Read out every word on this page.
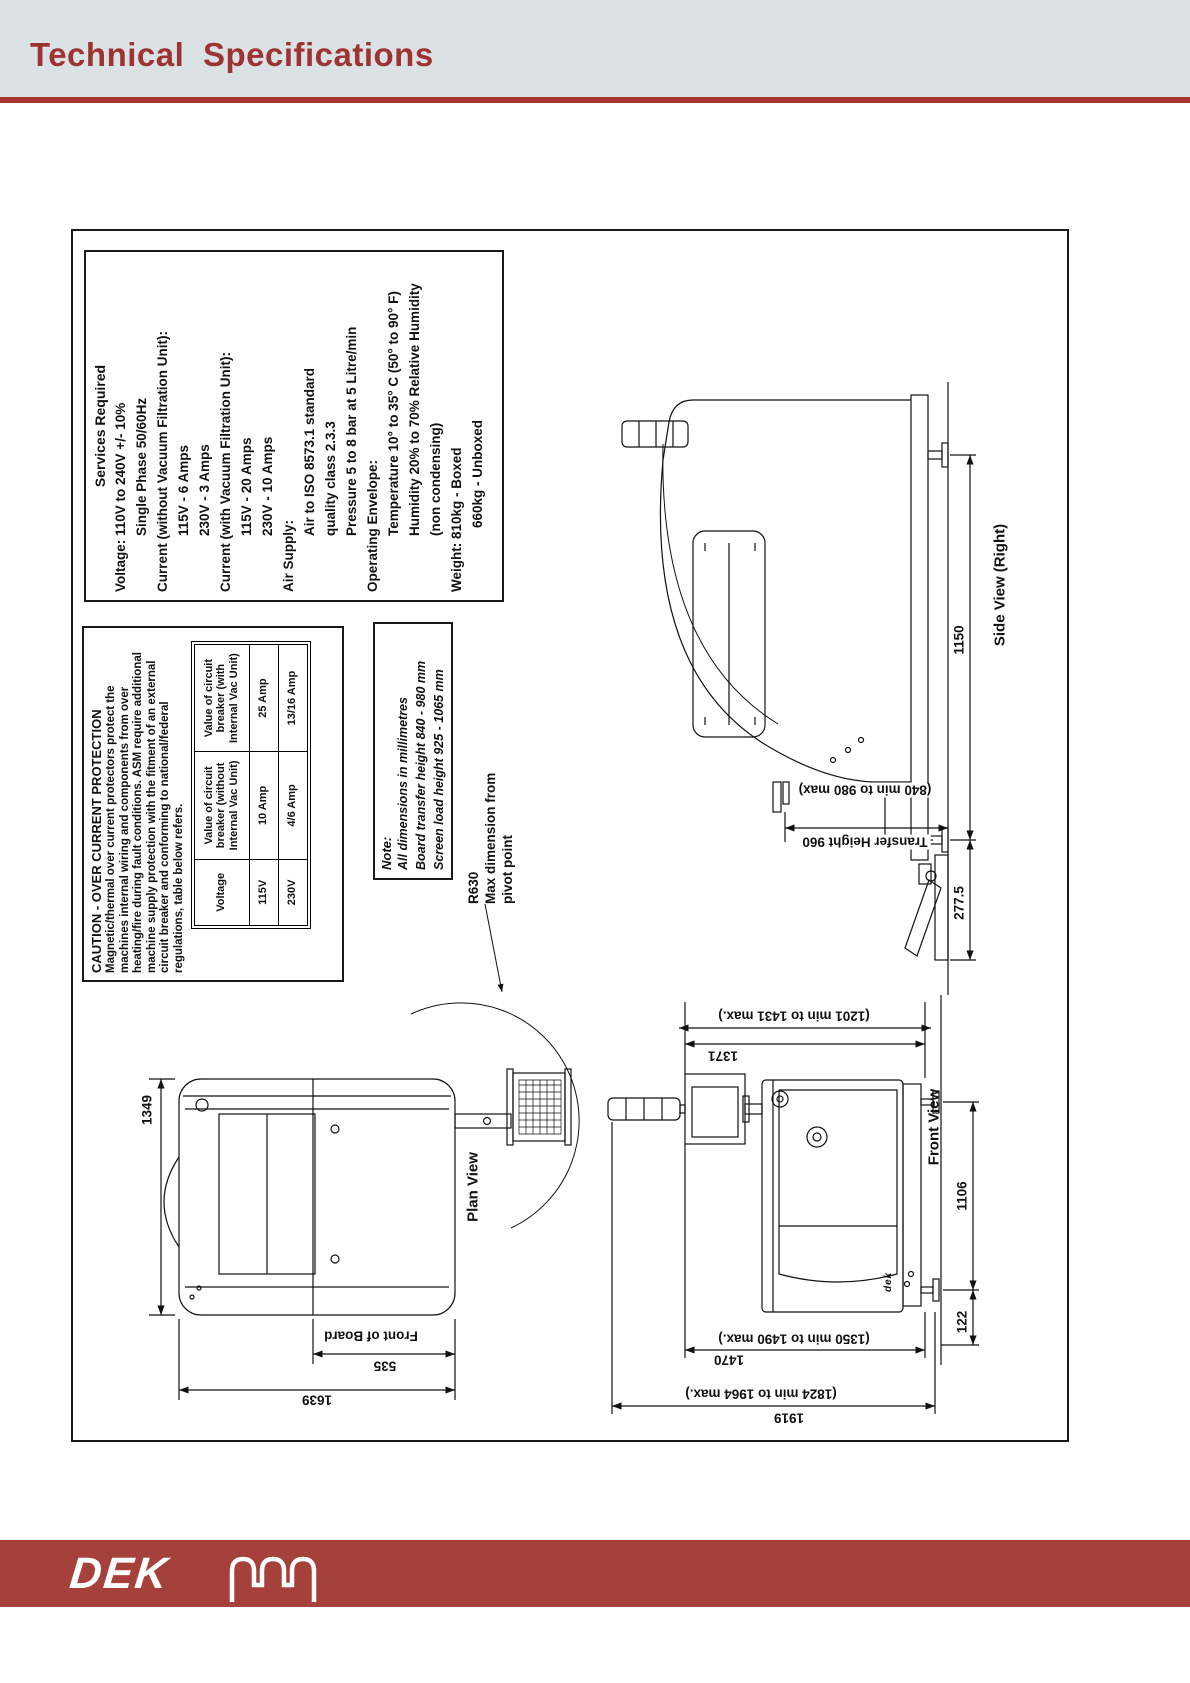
Technical Specifications
Services Required Voltage: 110V to 240V +/- 10% Single Phase 50/60Hz Current (without Vacuum Filtration Unit): 115V - 6 Amps 230V - 3 Amps Current (with Vacuum Filtration Unit): 115V - 20 Amps 230V - 10 Amps
Air Supply:
Air to ISO 8573.1 standard quality class 2.3.3 Pressure 5 to 8 bar at 5 Litre/min Operating Envelope: Temperature 10° to 35° C (50° to 90° F) Humidity 20% to 70% Relative Humidity (non condensing) Weight: 810kg - Boxed 660kg - Unboxed
CAUTION - OVER CURRENT PROTECTION Magnetic/thermal over current protectors protect the machines internal wiring and components from over heating/fire during fault conditions. ASM require additional machine supply protection with the fitment of an external circuit breaker and conforming to national/federal regulations, table below refers.	Voltage	Value of circuit breaker (without Internal Vac Unit)	Value of circuit breaker (with Internal Vac Unit)
115V	10 Amp	25 Amp
230V	4/6 Amp	13/16 Amp
Note: All dimensions in millimetres Board transfer height 840 - 980 mm Screen load height 925 - 1065 mm
R630 Max dimension from pivot point
Plan View
Front View
Side View (Right)
dek
1349
1639
535
Front of Board
1371
(1201 min to 1431 max.)
1470
(1350 min to 1490 max.)
1919
(1824 min to 1964 max.)
1106
122
1150
277.5
(840 min to 980 max)
Transfer Height 960
DEK
